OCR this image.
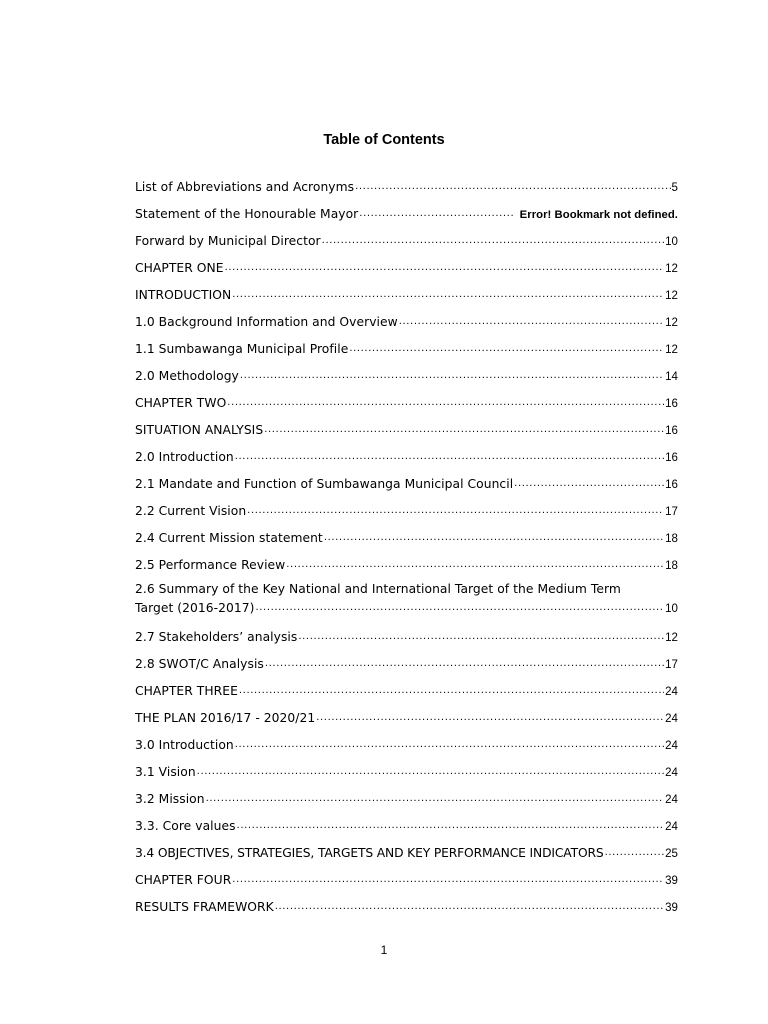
Table of Contents
List of Abbreviations and Acronyms .....	5
Statement of the Honourable Mayor .....	Error! Bookmark not defined.
Forward by Municipal Director .....	10
CHAPTER ONE .....	12
INTRODUCTION .....	12
1.0 Background Information and Overview .....	12
1.1 Sumbawanga Municipal Profile .....	12
2.0 Methodology .....	14
CHAPTER TWO .....	16
SITUATION ANALYSIS .....	16
2.0 Introduction .....	16
2.1 Mandate and Function of Sumbawanga Municipal Council .....	16
2.2 Current Vision .....	17
2.4 Current Mission statement .....	18
2.5 Performance Review .....	18
2.6 Summary of the Key National and International Target of the Medium Term
Target (2016-2017) .....	10
2.7 Stakeholders’ analysis .....	12
2.8 SWOT/C Analysis .....	17
CHAPTER THREE .....	24
THE PLAN 2016/17 - 2020/21 .....	24
3.0 Introduction .....	24
3.1 Vision .....	24
3.2 Mission .....	24
3.3. Core values .....	24
3.4 OBJECTIVES, STRATEGIES, TARGETS AND KEY PERFORMANCE INDICATORS .....	25
CHAPTER FOUR .....	39
RESULTS FRAMEWORK .....	39
1
